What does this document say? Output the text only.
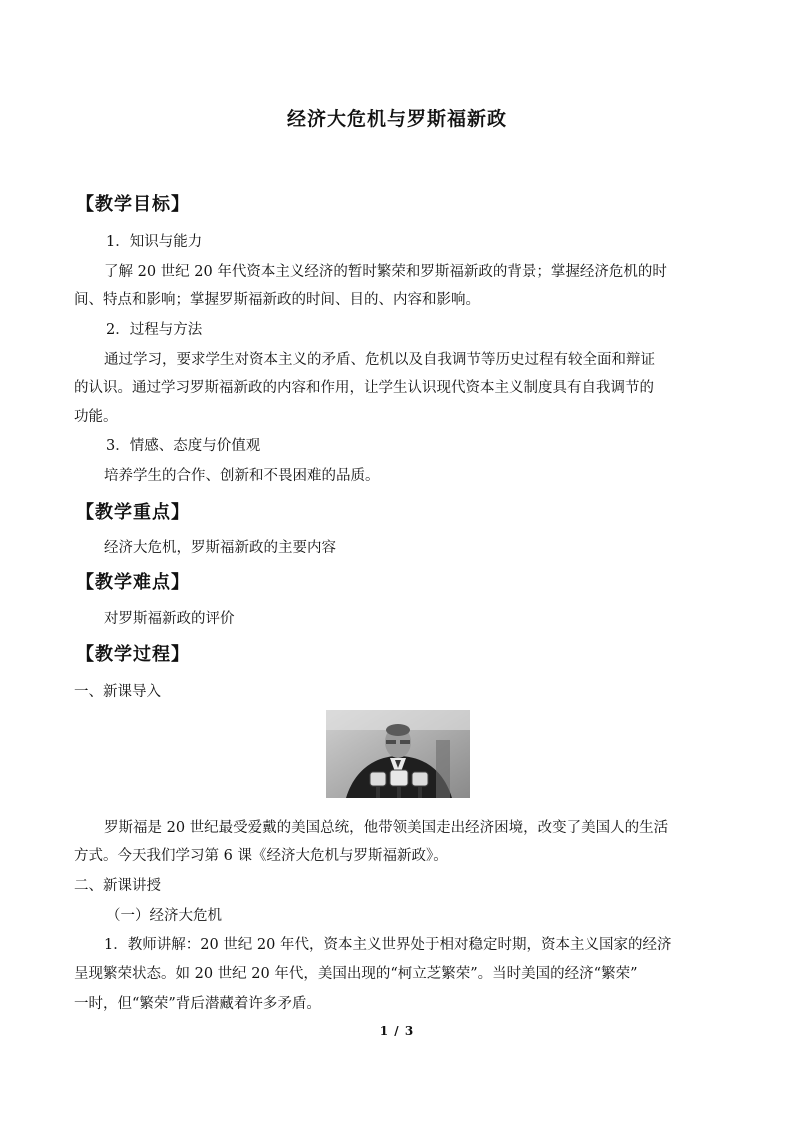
经济大危机与罗斯福新政
【教学目标】
1．知识与能力
了解 20 世纪 20 年代资本主义经济的暂时繁荣和罗斯福新政的背景；掌握经济危机的时
间、特点和影响；掌握罗斯福新政的时间、目的、内容和影响。
2．过程与方法
通过学习，要求学生对资本主义的矛盾、危机以及自我调节等历史过程有较全面和辩证
的认识。通过学习罗斯福新政的内容和作用，让学生认识现代资本主义制度具有自我调节的
功能。
3．情感、态度与价值观
培养学生的合作、创新和不畏困难的品质。
【教学重点】
经济大危机，罗斯福新政的主要内容
【教学难点】
对罗斯福新政的评价
【教学过程】
一、新课导入
罗斯福是 20 世纪最受爱戴的美国总统，他带领美国走出经济困境，改变了美国人的生活
方式。今天我们学习第 6 课《经济大危机与罗斯福新政》。
二、新课讲授
（一）经济大危机
1．教师讲解：20 世纪 20 年代，资本主义世界处于相对稳定时期，资本主义国家的经济
呈现繁荣状态。如 20 世纪 20 年代，美国出现的“柯立芝繁荣”。当时美国的经济“繁荣”
一时，但“繁荣”背后潜藏着许多矛盾。
1 / 3
